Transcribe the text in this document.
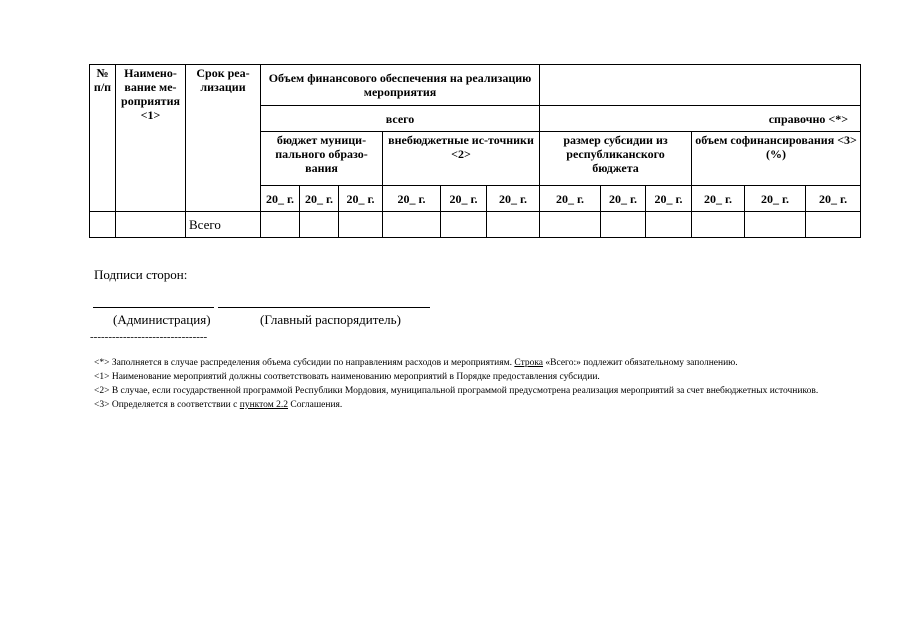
№ п/п	Наимено-вание ме-роприятия <1>	Срок реа-лизации	Объем финансового обеспечения на реализацию мероприятия											
			всего						справочно <*>					
			бюджет муници-пального образо-вания			внебюджетные ис-точники <2>			размер субсидии из республиканского бюджета			объем софинансирования <3> (%)		
			20_ г.	20_ г.	20_ г.	20_ г.	20_ г.	20_ г.	20_ г.	20_ г.	20_ г.	20_ г.	20_ г.	20_ г.
		Всего												
Подписи сторон:
(Администрация)	(Главный распорядитель)
--------------------------------

<*> Заполняется в случае распределения объема субсидии по направлениям расходов и мероприятиям. Строка «Всего:» подлежит обязательному заполнению.

<1> Наименование мероприятий должны соответствовать наименованию мероприятий в Порядке предоставления субсидии.

<2> В случае, если государственной программой Республики Мордовия, муниципальной программой предусмотрена реализация мероприятий за счет внебюджетных источников.

<3> Определяется в соответствии с пунктом 2.2 Соглашения.
